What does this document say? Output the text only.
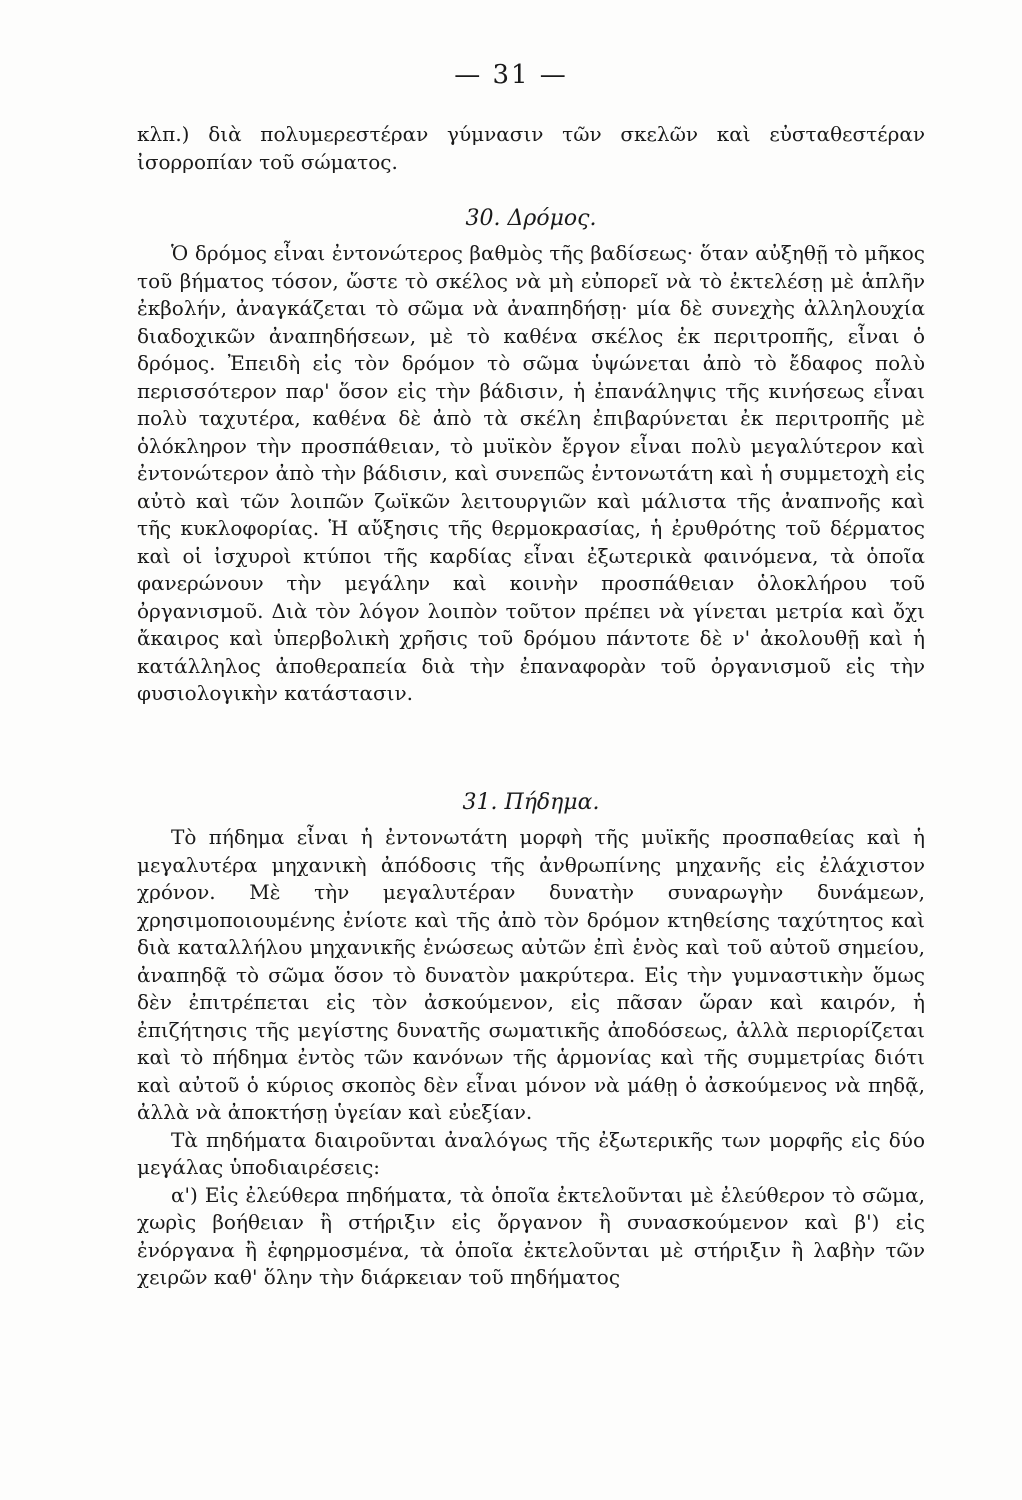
— 31 —

κλπ.) διὰ πολυμερεστέραν γύμνασιν τῶν σκελῶν καὶ εὐσταθεστέραν ἰσορροπίαν τοῦ σώματος.

30. Δρόμος.

Ὁ δρόμος εἶναι ἐντονώτερος βαθμὸς τῆς βαδίσεως· ὅταν αὐξηθῇ τὸ μῆκος τοῦ βήματος τόσον, ὥστε τὸ σκέλος νὰ μὴ εὐπορεῖ νὰ τὸ ἐκτελέσῃ μὲ ἁπλῆν ἐκβολήν, ἀναγκάζεται τὸ σῶμα νὰ ἀναπηδήσῃ· μία δὲ συνεχὴς ἀλληλουχία διαδοχικῶν ἀναπηδήσεων, μὲ τὸ καθένα σκέλος ἐκ περιτροπῆς, εἶναι ὁ δρόμος. Ἐπειδὴ εἰς τὸν δρόμον τὸ σῶμα ὑψώνεται ἀπὸ τὸ ἔδαφος πολὺ περισσότερον παρ' ὅσον εἰς τὴν βάδισιν, ἡ ἐπανάληψις τῆς κινήσεως εἶναι πολὺ ταχυτέρα, καθένα δὲ ἀπὸ τὰ σκέλη ἐπιβαρύνεται ἐκ περιτροπῆς μὲ ὁλόκληρον τὴν προσπάθειαν, τὸ μυϊκὸν ἔργον εἶναι πολὺ μεγαλύτερον καὶ ἐντονώτερον ἀπὸ τὴν βάδισιν, καὶ συνεπῶς ἐντονωτάτη καὶ ἡ συμμετοχὴ εἰς αὐτὸ καὶ τῶν λοιπῶν ζωϊκῶν λειτουργιῶν καὶ μάλιστα τῆς ἀναπνοῆς καὶ τῆς κυκλοφορίας. Ἡ αὔξησις τῆς θερμοκρασίας, ἡ ἐρυθρότης τοῦ δέρματος καὶ οἱ ἰσχυροὶ κτύποι τῆς καρδίας εἶναι ἐξωτερικὰ φαινόμενα, τὰ ὁποῖα φανερώνουν τὴν μεγάλην καὶ κοινὴν προσπάθειαν ὁλοκλήρου τοῦ ὀργανισμοῦ. Διὰ τὸν λόγον λοιπὸν τοῦτον πρέπει νὰ γίνεται μετρία καὶ ὄχι ἄκαιρος καὶ ὑπερβολικὴ χρῆσις τοῦ δρόμου πάντοτε δὲ ν' ἀκολουθῇ καὶ ἡ κατάλληλος ἀποθεραπεία διὰ τὴν ἐπαναφορὰν τοῦ ὀργανισμοῦ εἰς τὴν φυσιολογικὴν κατάστασιν.

31. Πήδημα.

Τὸ πήδημα εἶναι ἡ ἐντονωτάτη μορφὴ τῆς μυϊκῆς προσπαθείας καὶ ἡ μεγαλυτέρα μηχανικὴ ἀπόδοσις τῆς ἀνθρωπίνης μηχανῆς εἰς ἐλάχιστον χρόνον. Μὲ τὴν μεγαλυτέραν δυνατὴν συναρωγὴν δυνάμεων, χρησιμοποιουμένης ἐνίοτε καὶ τῆς ἀπὸ τὸν δρόμον κτηθείσης ταχύτητος καὶ διὰ καταλλήλου μηχανικῆς ἑνώσεως αὐτῶν ἐπὶ ἑνὸς καὶ τοῦ αὐτοῦ σημείου, ἀναπηδᾷ τὸ σῶμα ὅσον τὸ δυνατὸν μακρύτερα. Εἰς τὴν γυμναστικὴν ὅμως δὲν ἐπιτρέπεται εἰς τὸν ἀσκούμενον, εἰς πᾶσαν ὥραν καὶ καιρόν, ἡ ἐπιζήτησις τῆς μεγίστης δυνατῆς σωματικῆς ἀποδόσεως, ἀλλὰ περιορίζεται καὶ τὸ πήδημα ἐντὸς τῶν κανόνων τῆς ἁρμονίας καὶ τῆς συμμετρίας διότι καὶ αὐτοῦ ὁ κύριος σκοπὸς δὲν εἶναι μόνον νὰ μάθῃ ὁ ἀσκούμενος νὰ πηδᾷ, ἀλλὰ νὰ ἀποκτήσῃ ὑγείαν καὶ εὐεξίαν.

Τὰ πηδήματα διαιροῦνται ἀναλόγως τῆς ἐξωτερικῆς των μορφῆς εἰς δύο μεγάλας ὑποδιαιρέσεις:

α') Εἰς ἐλεύθερα πηδήματα, τὰ ὁποῖα ἐκτελοῦνται μὲ ἐλεύθερον τὸ σῶμα, χωρὶς βοήθειαν ἢ στήριξιν εἰς ὄργανον ἢ συνασκούμενον καὶ β') εἰς ἐνόργανα ἢ ἐφηρμοσμένα, τὰ ὁποῖα ἐκτελοῦνται μὲ στήριξιν ἢ λαβὴν τῶν χειρῶν καθ' ὅλην τὴν διάρκειαν τοῦ πηδήματος
